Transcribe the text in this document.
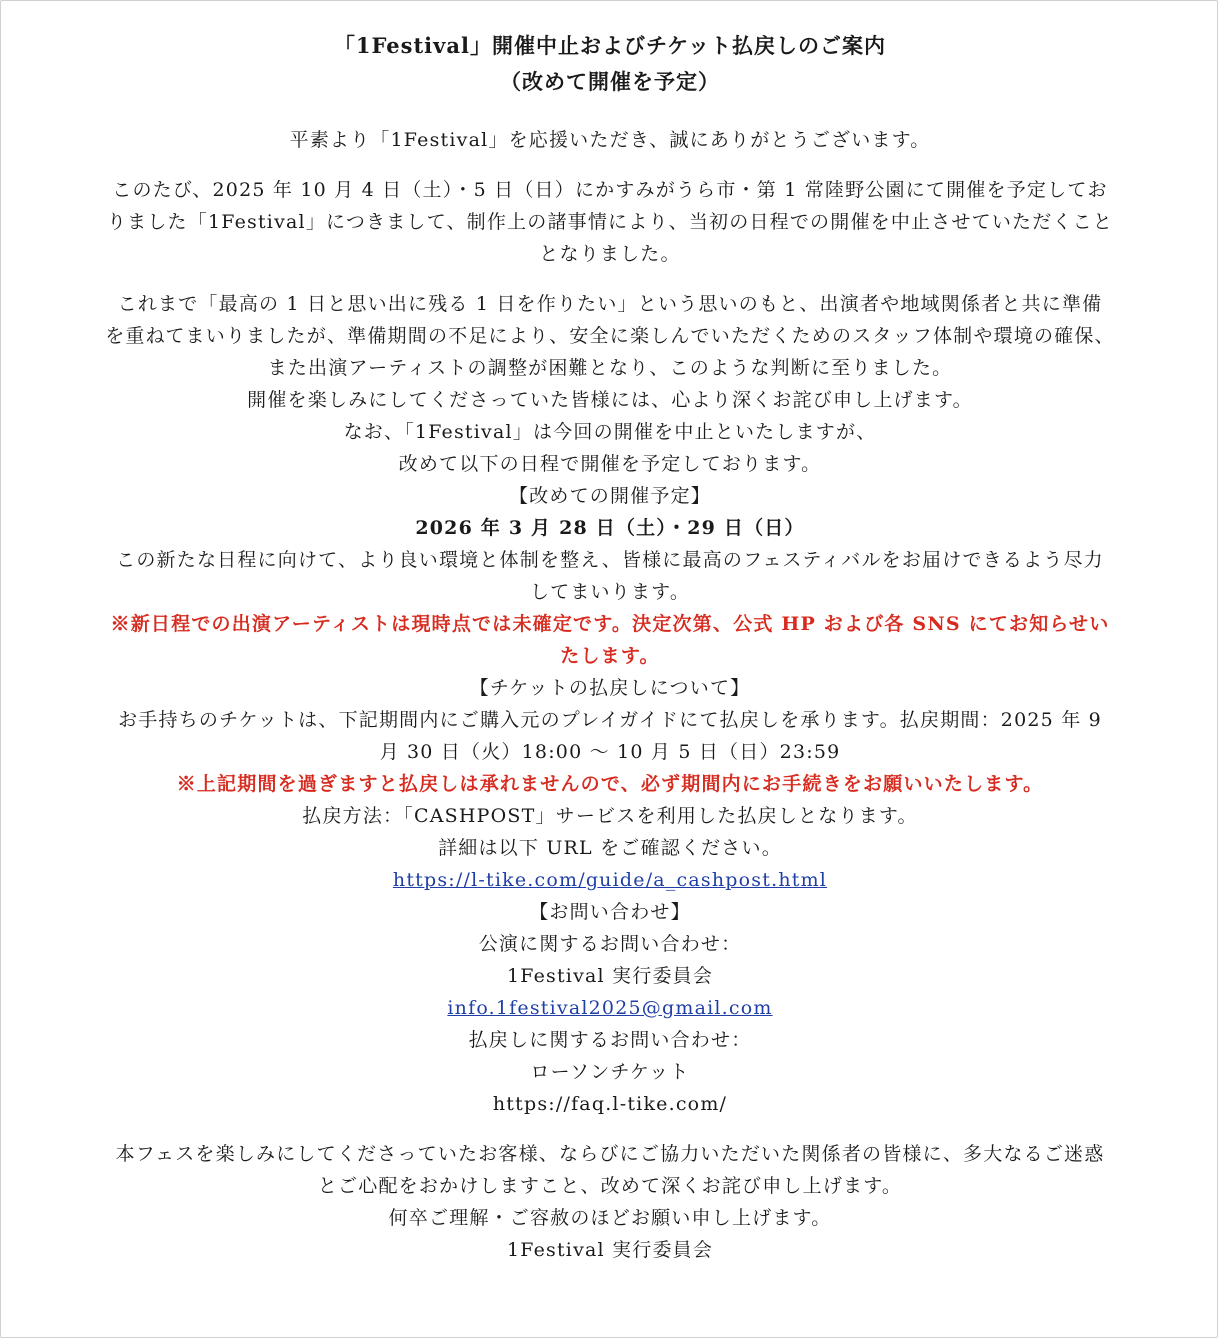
「1Festival」開催中止およびチケット払戻しのご案内
（改めて開催を予定）
平素より「1Festival」を応援いただき、誠にありがとうございます。
このたび、2025 年 10 月 4 日（土）・5 日（日）にかすみがうら市・第 1 常陸野公園にて開催を予定してお
りました「1Festival」につきまして、制作上の諸事情により、当初の日程での開催を中止させていただくこと
となりました。
これまで「最高の 1 日と思い出に残る 1 日を作りたい」という思いのもと、出演者や地域関係者と共に準備
を重ねてまいりましたが、準備期間の不足により、安全に楽しんでいただくためのスタッフ体制や環境の確保、
また出演アーティストの調整が困難となり、このような判断に至りました。
開催を楽しみにしてくださっていた皆様には、心より深くお詫び申し上げます。
なお、「1Festival」は今回の開催を中止といたしますが、
改めて以下の日程で開催を予定しております。
【改めての開催予定】
2026 年 3 月 28 日（土）・29 日（日）
この新たな日程に向けて、より良い環境と体制を整え、皆様に最高のフェスティバルをお届けできるよう尽力
してまいります。
※新日程での出演アーティストは現時点では未確定です。決定次第、公式 HP および各 SNS にてお知らせい
たします。
【チケットの払戻しについて】
お手持ちのチケットは、下記期間内にご購入元のプレイガイドにて払戻しを承ります。払戻期間：2025 年 9
月 30 日（火）18:00 〜 10 月 5 日（日）23:59
※上記期間を過ぎますと払戻しは承れませんので、必ず期間内にお手続きをお願いいたします。
払戻方法：「CASHPOST」サービスを利用した払戻しとなります。
詳細は以下 URL をご確認ください。
https://l-tike.com/guide/a_cashpost.html
【お問い合わせ】
公演に関するお問い合わせ：
1Festival 実行委員会
info.1festival2025@gmail.com
払戻しに関するお問い合わせ：
ローソンチケット
https://faq.l-tike.com/
本フェスを楽しみにしてくださっていたお客様、ならびにご協力いただいた関係者の皆様に、多大なるご迷惑
とご心配をおかけしますこと、改めて深くお詫び申し上げます。
何卒ご理解・ご容赦のほどお願い申し上げます。
1Festival 実行委員会
